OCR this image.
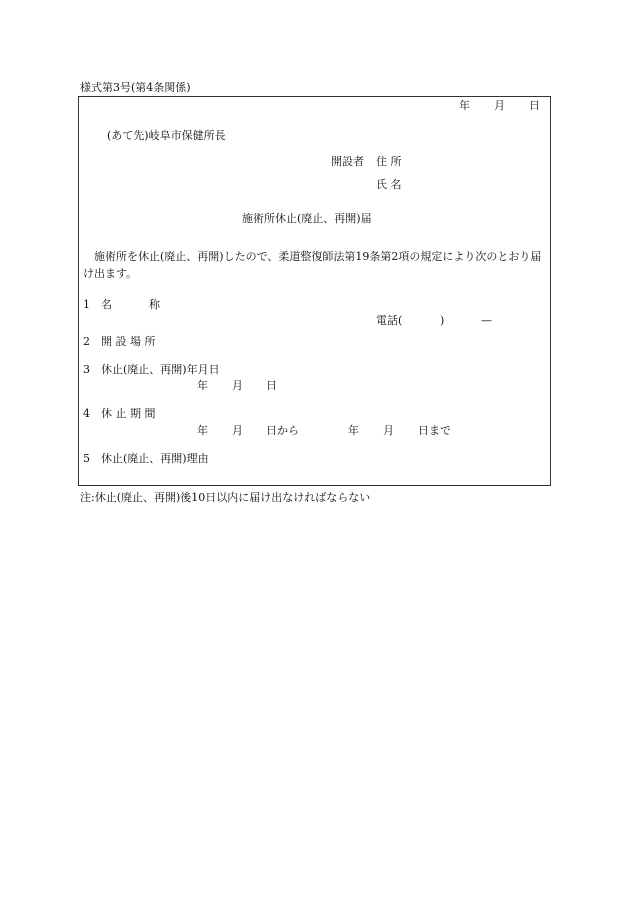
様式第3号(第4条関係)
年 月 日
(あて先)岐阜市保健所長
開設者 住 所
氏 名
施術所休止(廃止、再開)届
施術所を休止(廃止、再開)したので、柔道整復師法第19条第2項の規定により次のとおり届け出ます。
1 名	称
電話(	)	—
2 開 設 場 所
3 休止(廃止、再開)年月日
年 月 日
4 休 止 期 間
年 月 日から	年 月 日まで
5 休止(廃止、再開)理由
注:休止(廃止、再開)後10日以内に届け出なければならない
